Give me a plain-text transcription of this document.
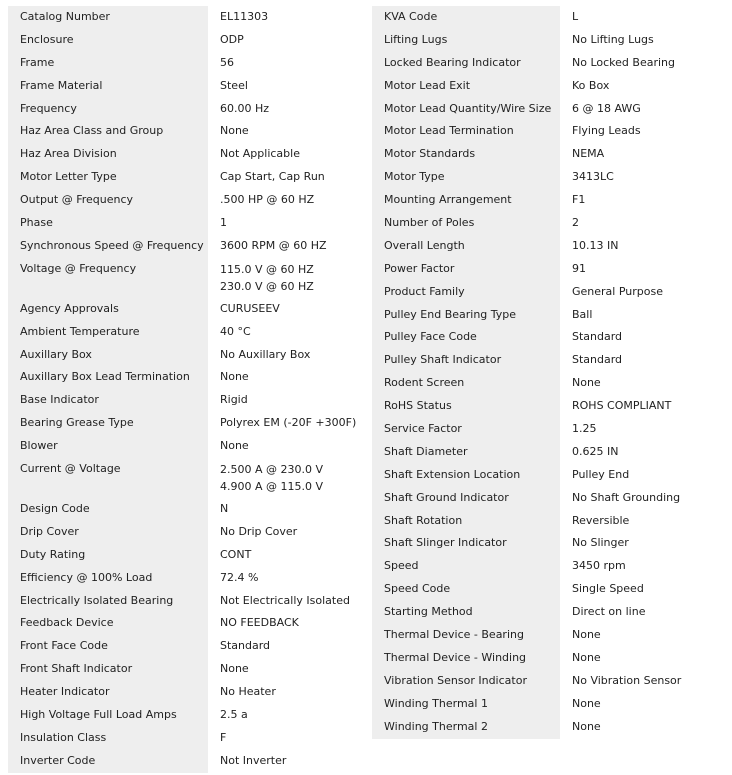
Catalog Number	EL11303
Enclosure	ODP
Frame	56
Frame Material	Steel
Frequency	60.00 Hz
Haz Area Class and Group	None
Haz Area Division	Not Applicable
Motor Letter Type	Cap Start, Cap Run
Output @ Frequency	.500 HP @ 60 HZ
Phase	1
Synchronous Speed @ Frequency	3600 RPM @ 60 HZ
Voltage @ Frequency	115.0 V @ 60 HZ
230.0 V @ 60 HZ
Agency Approvals	CURUSEEV
Ambient Temperature	40 °C
Auxillary Box	No Auxillary Box
Auxillary Box Lead Termination	None
Base Indicator	Rigid
Bearing Grease Type	Polyrex EM (-20F +300F)
Blower	None
Current @ Voltage	2.500 A @ 230.0 V
4.900 A @ 115.0 V
Design Code	N
Drip Cover	No Drip Cover
Duty Rating	CONT
Efficiency @ 100% Load	72.4 %
Electrically Isolated Bearing	Not Electrically Isolated
Feedback Device	NO FEEDBACK
Front Face Code	Standard
Front Shaft Indicator	None
Heater Indicator	No Heater
High Voltage Full Load Amps	2.5 a
Insulation Class	F
Inverter Code	Not Inverter
KVA Code	L
Lifting Lugs	No Lifting Lugs
Locked Bearing Indicator	No Locked Bearing
Motor Lead Exit	Ko Box
Motor Lead Quantity/Wire Size	6 @ 18 AWG
Motor Lead Termination	Flying Leads
Motor Standards	NEMA
Motor Type	3413LC
Mounting Arrangement	F1
Number of Poles	2
Overall Length	10.13 IN
Power Factor	91
Product Family	General Purpose
Pulley End Bearing Type	Ball
Pulley Face Code	Standard
Pulley Shaft Indicator	Standard
Rodent Screen	None
RoHS Status	ROHS COMPLIANT
Service Factor	1.25
Shaft Diameter	0.625 IN
Shaft Extension Location	Pulley End
Shaft Ground Indicator	No Shaft Grounding
Shaft Rotation	Reversible
Shaft Slinger Indicator	No Slinger
Speed	3450 rpm
Speed Code	Single Speed
Starting Method	Direct on line
Thermal Device - Bearing	None
Thermal Device - Winding	None
Vibration Sensor Indicator	No Vibration Sensor
Winding Thermal 1	None
Winding Thermal 2	None
